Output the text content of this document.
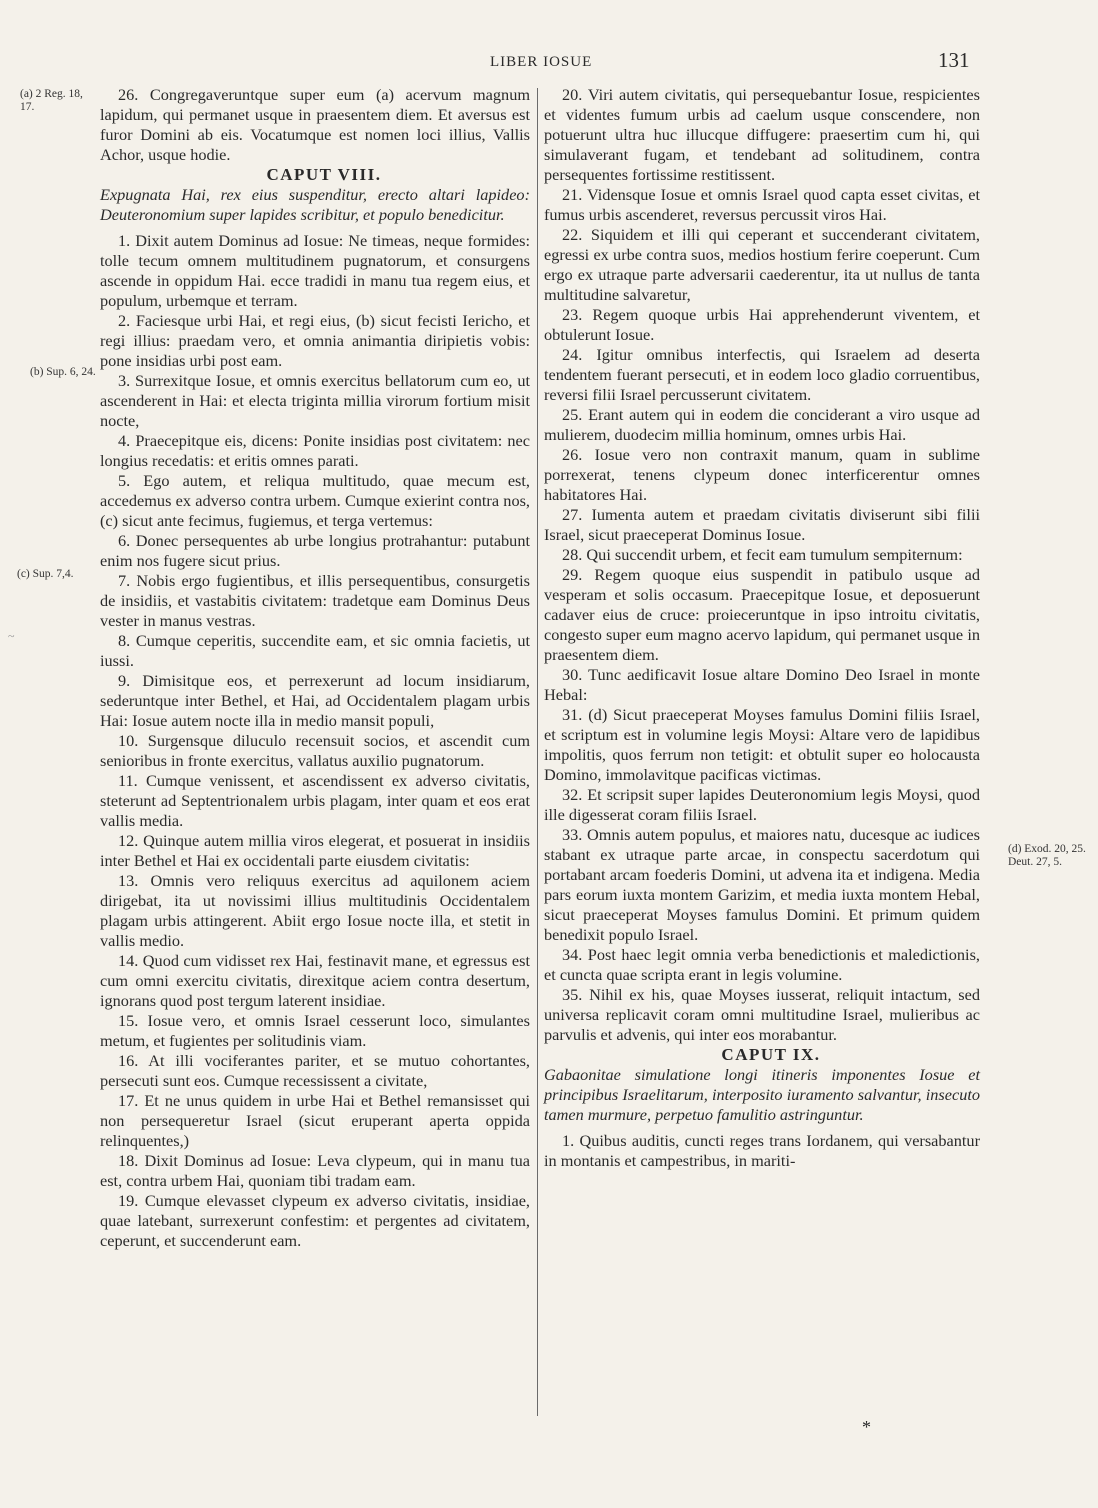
LIBER IOSUE	131
(a) 2 Reg. 18, 17.
(b) Sup. 6, 24.
(c) Sup. 7,4.
(d) Exod. 20, 25. Deut. 27, 5.
~

26. Congregaveruntque super eum (a) acervum magnum lapidum, qui permanet usque in praesentem diem. Et aversus est furor Domini ab eis. Vocatumque est nomen loci illius, Vallis Achor, usque hodie.

CAPUT VIII.

Expugnata Hai, rex eius suspenditur, erecto altari lapideo: Deuteronomium super lapides scribitur, et populo benedicitur.

1. Dixit autem Dominus ad Iosue: Ne timeas, neque formides: tolle tecum omnem multitudinem pugnatorum, et consurgens ascende in oppidum Hai. ecce tradidi in manu tua regem eius, et populum, urbemque et terram.

2. Faciesque urbi Hai, et regi eius, (b) sicut fecisti Iericho, et regi illius: praedam vero, et omnia animantia diripietis vobis: pone insidias urbi post eam.

3. Surrexitque Iosue, et omnis exercitus bellatorum cum eo, ut ascenderent in Hai: et electa triginta millia virorum fortium misit nocte,

4. Praecepitque eis, dicens: Ponite insidias post civitatem: nec longius recedatis: et eritis omnes parati.

5. Ego autem, et reliqua multitudo, quae mecum est, accedemus ex adverso contra urbem. Cumque exierint contra nos, (c) sicut ante fecimus, fugiemus, et terga vertemus:

6. Donec persequentes ab urbe longius protrahantur: putabunt enim nos fugere sicut prius.

7. Nobis ergo fugientibus, et illis persequentibus, consurgetis de insidiis, et vastabitis civitatem: tradetque eam Dominus Deus vester in manus vestras.

8. Cumque ceperitis, succendite eam, et sic omnia facietis, ut iussi.

9. Dimisitque eos, et perrexerunt ad locum insidiarum, sederuntque inter Bethel, et Hai, ad Occidentalem plagam urbis Hai: Iosue autem nocte illa in medio mansit populi,

10. Surgensque diluculo recensuit socios, et ascendit cum senioribus in fronte exercitus, vallatus auxilio pugnatorum.

11. Cumque venissent, et ascendissent ex adverso civitatis, steterunt ad Septentrionalem urbis plagam, inter quam et eos erat vallis media.

12. Quinque autem millia viros elegerat, et posuerat in insidiis inter Bethel et Hai ex occidentali parte eiusdem civitatis:

13. Omnis vero reliquus exercitus ad aquilonem aciem dirigebat, ita ut novissimi illius multitudinis Occidentalem plagam urbis attingerent. Abiit ergo Iosue nocte illa, et stetit in vallis medio.

14. Quod cum vidisset rex Hai, festinavit mane, et egressus est cum omni exercitu civitatis, direxitque aciem contra desertum, ignorans quod post tergum laterent insidiae.

15. Iosue vero, et omnis Israel cesserunt loco, simulantes metum, et fugientes per solitudinis viam.

16. At illi vociferantes pariter, et se mutuo cohortantes, persecuti sunt eos. Cumque recessissent a civitate,

17. Et ne unus quidem in urbe Hai et Bethel remansisset qui non persequeretur Israel (sicut eruperant aperta oppida relinquentes,)

18. Dixit Dominus ad Iosue: Leva clypeum, qui in manu tua est, contra urbem Hai, quoniam tibi tradam eam.

19. Cumque elevasset clypeum ex adverso civitatis, insidiae, quae latebant, surrexerunt confestim: et pergentes ad civitatem, ceperunt, et succenderunt eam.

20. Viri autem civitatis, qui persequebantur Iosue, respicientes et videntes fumum urbis ad caelum usque conscendere, non potuerunt ultra huc illucque diffugere: praesertim cum hi, qui simulaverant fugam, et tendebant ad solitudinem, contra persequentes fortissime restitissent.

21. Vidensque Iosue et omnis Israel quod capta esset civitas, et fumus urbis ascenderet, reversus percussit viros Hai.

22. Siquidem et illi qui ceperant et succenderant civitatem, egressi ex urbe contra suos, medios hostium ferire coeperunt. Cum ergo ex utraque parte adversarii caederentur, ita ut nullus de tanta multitudine salvaretur,

23. Regem quoque urbis Hai apprehenderunt viventem, et obtulerunt Iosue.

24. Igitur omnibus interfectis, qui Israelem ad deserta tendentem fuerant persecuti, et in eodem loco gladio corruentibus, reversi filii Israel percusserunt civitatem.

25. Erant autem qui in eodem die conciderant a viro usque ad mulierem, duodecim millia hominum, omnes urbis Hai.

26. Iosue vero non contraxit manum, quam in sublime porrexerat, tenens clypeum donec interficerentur omnes habitatores Hai.

27. Iumenta autem et praedam civitatis diviserunt sibi filii Israel, sicut praeceperat Dominus Iosue.

28. Qui succendit urbem, et fecit eam tumulum sempiternum:

29. Regem quoque eius suspendit in patibulo usque ad vesperam et solis occasum. Praecepitque Iosue, et deposuerunt cadaver eius de cruce: proieceruntque in ipso introitu civitatis, congesto super eum magno acervo lapidum, qui permanet usque in praesentem diem.

30. Tunc aedificavit Iosue altare Domino Deo Israel in monte Hebal:

31. (d) Sicut praeceperat Moyses famulus Domini filiis Israel, et scriptum est in volumine legis Moysi: Altare vero de lapidibus impolitis, quos ferrum non tetigit: et obtulit super eo holocausta Domino, immolavitque pacificas victimas.

32. Et scripsit super lapides Deuteronomium legis Moysi, quod ille digesserat coram filiis Israel.

33. Omnis autem populus, et maiores natu, ducesque ac iudices stabant ex utraque parte arcae, in conspectu sacerdotum qui portabant arcam foederis Domini, ut advena ita et indigena. Media pars eorum iuxta montem Garizim, et media iuxta montem Hebal, sicut praeceperat Moyses famulus Domini. Et primum quidem benedixit populo Israel.

34. Post haec legit omnia verba benedictionis et maledictionis, et cuncta quae scripta erant in legis volumine.

35. Nihil ex his, quae Moyses iusserat, reliquit intactum, sed universa replicavit coram omni multitudine Israel, mulieribus ac parvulis et advenis, qui inter eos morabantur.

CAPUT IX.

Gabaonitae simulatione longi itineris imponentes Iosue et principibus Israelitarum, interposito iuramento salvantur, insecuto tamen murmure, perpetuo famulitio astringuntur.

1. Quibus auditis, cuncti reges trans Iordanem, qui versabantur in montanis et campestribus, in mariti-

*
